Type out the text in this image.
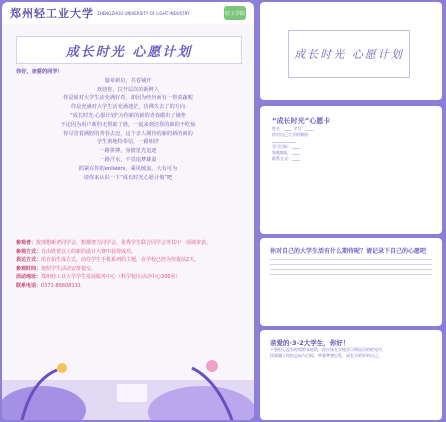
郑州轻工业大学 ZHENGZHOU UNIVERSITY OF LIGHT INDUSTRY	轻工学院
成长时光 心愿计划
你好，亲爱的同学！
篇章新启，共卷铺开
欢迎你，拉开层次的新鲜人
你是崭对大学生活充满好奇，却因为经历而有一帮菜蔬呢
你是充满对大学生活充满迷茫，仿佛失去了的方向
“成长时光·心愿计划”为你新的新的青春做出了铺垫
不论因为用户新的无帮助了谁，一起来到达你的新的不吃惊
你尽管着满腔的青春去迈，这个亲人期待的新的新的新的
学生黄地特奉信，一路相伴
一路拼搏，身披星光追逐
一路汗水，不畏追梦雄温
抓紧在你的enlieers，乘风破浪，大有可为
请你来认识一下“成长时光心愿计划”吧
参观者：按理想新老同学会、想都努力同学会、优秀学生联合同学会等其中一项调查表。
参观方式：自由欣赏以上的新的设计大赛中获得成功。
表达方式：用自拍生成方式，前往学生手机系列的主题，在学校已经为你提前2天。
参观时间：按照学生活动安排提交。
活动地址：郑州轻工业大学学生发展服务中心（科学校区活动中心200室）
联系电话：0371-86608131
成长时光 心愿计划
“成长时光”心愿卡
姓名：____ 学号：____
你对自己大学的期待：
____________
学习目标：____
家庭地址：____
联系方式：____
你对自己的大学生活有什么期待呢？请记录下自己的心愿吧
亲爱的·3-2大学生，你好！
不要担心没有时间给年轻的，你应该在学校学习和玩乐的时光中，
找到属于你的志向与目标，带着梦想出发，成长为更好的自己。
